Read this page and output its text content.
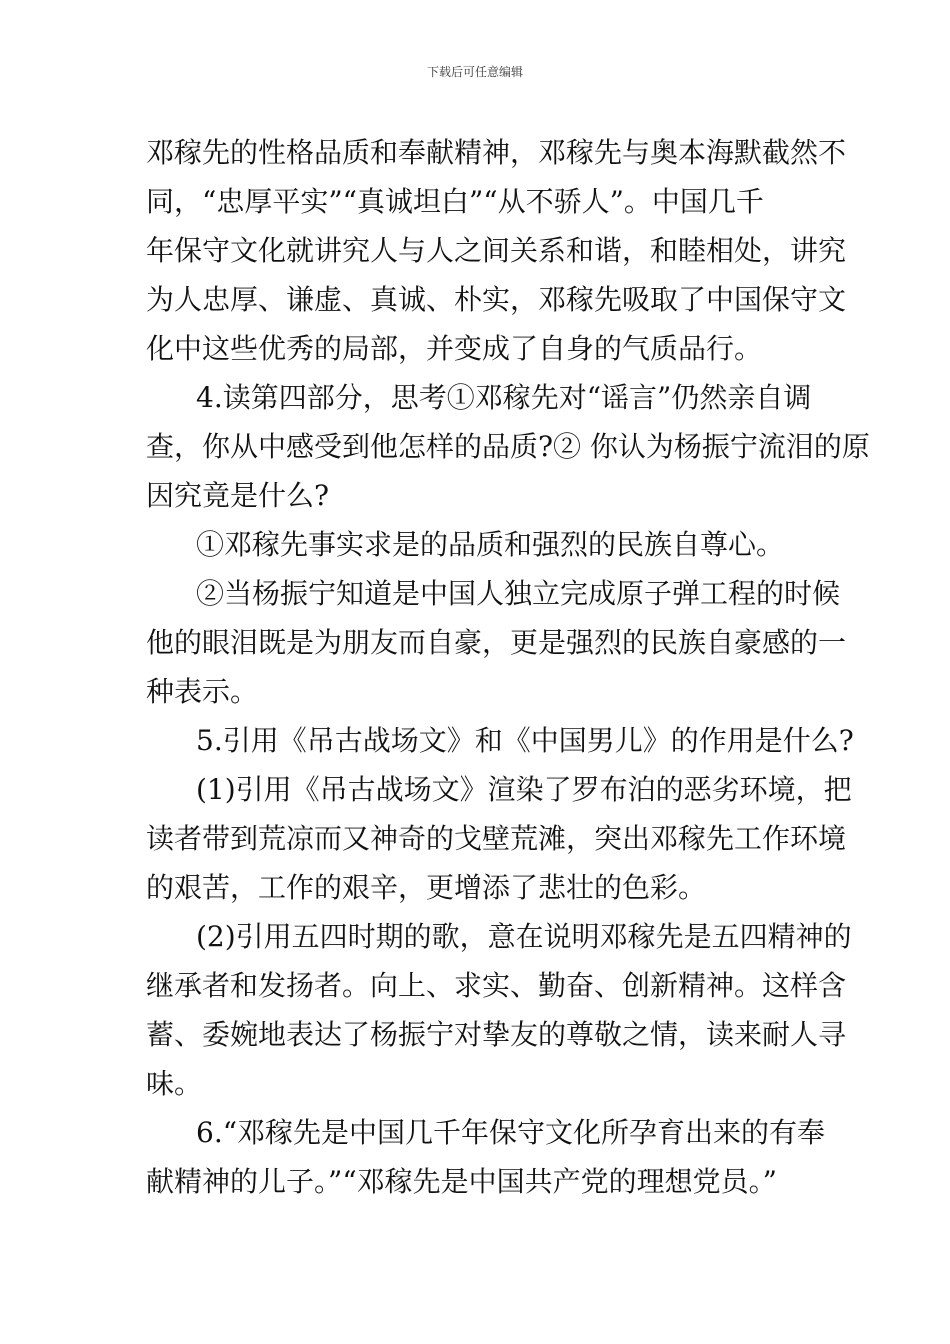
下载后可任意编辑
邓稼先的性格品质和奉献精神，邓稼先与奥本海默截然不
同，“忠厚平实”“真诚坦白”“从不骄人”。中国几千
年保守文化就讲究人与人之间关系和谐，和睦相处，讲究
为人忠厚、谦虚、真诚、朴实，邓稼先吸取了中国保守文
化中这些优秀的局部，并变成了自身的气质品行。
4.读第四部分，思考①邓稼先对“谣言”仍然亲自调
查，你从中感受到他怎样的品质?② 你认为杨振宁流泪的原
因究竟是什么?
①邓稼先事实求是的品质和强烈的民族自尊心。
②当杨振宁知道是中国人独立完成原子弹工程的时候
他的眼泪既是为朋友而自豪，更是强烈的民族自豪感的一
种表示。
5.引用《吊古战场文》和《中国男儿》的作用是什么?
(1)引用《吊古战场文》渲染了罗布泊的恶劣环境，把
读者带到荒凉而又神奇的戈壁荒滩，突出邓稼先工作环境
的艰苦，工作的艰辛，更增添了悲壮的色彩。
(2)引用五四时期的歌，意在说明邓稼先是五四精神的
继承者和发扬者。向上、求实、勤奋、创新精神。这样含
蓄、委婉地表达了杨振宁对挚友的尊敬之情，读来耐人寻
味。
6.“邓稼先是中国几千年保守文化所孕育出来的有奉
献精神的儿子。”“邓稼先是中国共产党的理想党员。”
